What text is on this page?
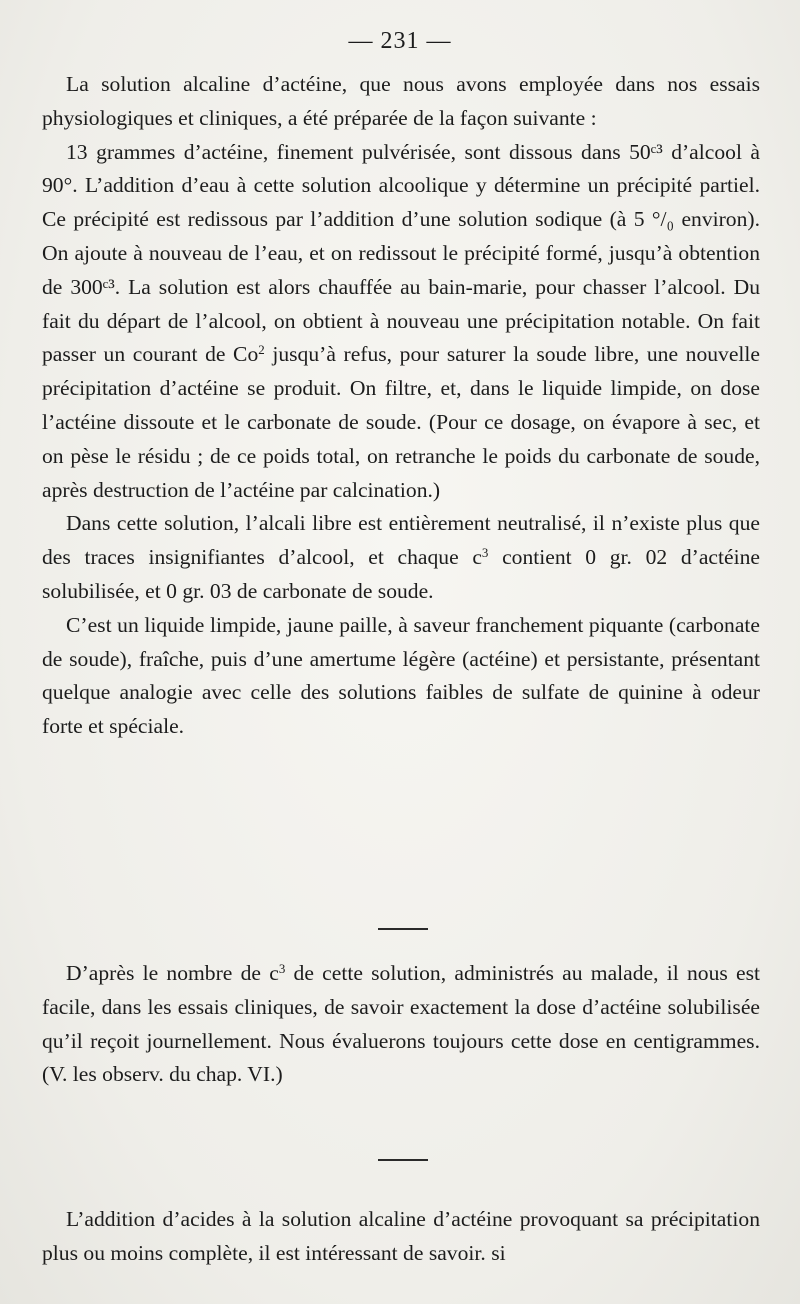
— 231 —

La solution alcaline d’actéine, que nous avons employée dans nos essais physiologiques et cliniques, a été préparée de la façon suivante :

13 grammes d’actéine, finement pulvérisée, sont dissous dans 50ᶜ³ d’alcool à 90°. L’addition d’eau à cette solution alcoolique y détermine un précipité partiel. Ce précipité est redissous par l’addition d’une solution sodique (à 5 °/₀ environ). On ajoute à nouveau de l’eau, et on redissout le précipité formé, jusqu’à obtention de 300ᶜ³. La solution est alors chauffée au bain-marie, pour chasser l’alcool. Du fait du départ de l’alcool, on obtient à nouveau une précipitation notable. On fait passer un courant de Co$^2$ jusqu’à refus, pour saturer la soude libre, une nouvelle précipitation d’actéine se produit. On filtre, et, dans le liquide limpide, on dose l’actéine dissoute et le carbonate de soude. (Pour ce dosage, on évapore à sec, et on pèse le résidu ; de ce poids total, on retranche le poids du carbonate de soude, après destruction de l’actéine par calcination.)

Dans cette solution, l’alcali libre est entièrement neutralisé, il n’existe plus que des traces insignifiantes d’alcool, et chaque $c^3$ contient 0 gr. 02 d’actéine solubilisée, et 0 gr. 03 de carbonate de soude.

C’est un liquide limpide, jaune paille, à saveur franchement piquante (carbonate de soude), fraîche, puis d’une amertume légère (actéine) et persistante, présentant quelque analogie avec celle des solutions faibles de sulfate de quinine à odeur forte et spéciale.

D’après le nombre de $c^3$ de cette solution, administrés au malade, il nous est facile, dans les essais cliniques, de savoir exactement la dose d’actéine solubilisée qu’il reçoit journellement. Nous évaluerons toujours cette dose en centigrammes. (V. les observ. du chap. VI.)

L’addition d’acides à la solution alcaline d’actéine provoquant sa précipitation plus ou moins complète, il est intéressant de savoir. si
